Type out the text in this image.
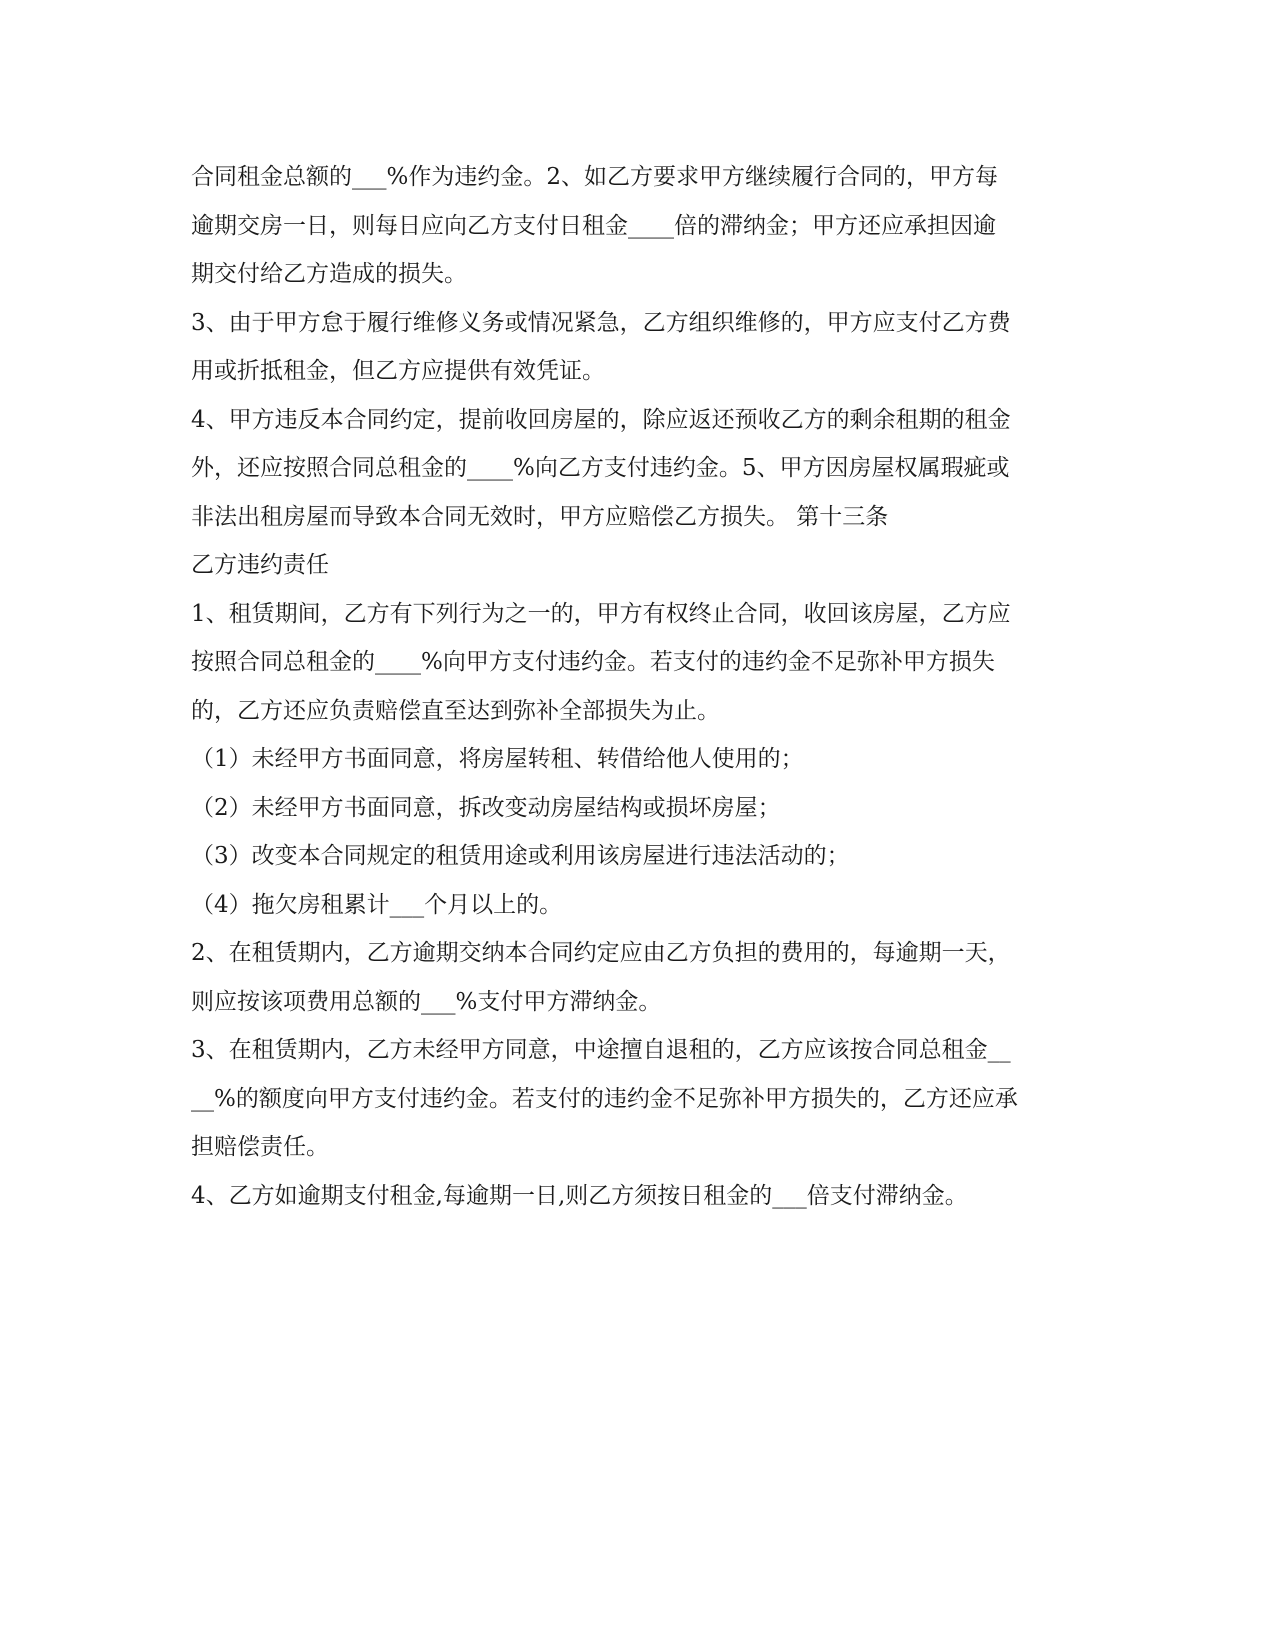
合同租金总额的___%作为违约金。2、如乙方要求甲方继续履行合同的，甲方每
逾期交房一日，则每日应向乙方支付日租金____倍的滞纳金；甲方还应承担因逾
期交付给乙方造成的损失。
3、由于甲方怠于履行维修义务或情况紧急，乙方组织维修的，甲方应支付乙方费
用或折抵租金，但乙方应提供有效凭证。
4、甲方违反本合同约定，提前收回房屋的，除应返还预收乙方的剩余租期的租金
外，还应按照合同总租金的____%向乙方支付违约金。5、甲方因房屋权属瑕疵或
非法出租房屋而导致本合同无效时，甲方应赔偿乙方损失。 第十三条
乙方违约责任
1、租赁期间，乙方有下列行为之一的，甲方有权终止合同，收回该房屋，乙方应
按照合同总租金的____%向甲方支付违约金。若支付的违约金不足弥补甲方损失
的，乙方还应负责赔偿直至达到弥补全部损失为止。
（1）未经甲方书面同意，将房屋转租、转借给他人使用的；
（2）未经甲方书面同意，拆改变动房屋结构或损坏房屋；
（3）改变本合同规定的租赁用途或利用该房屋进行违法活动的；
（4）拖欠房租累计___个月以上的。
2、在租赁期内，乙方逾期交纳本合同约定应由乙方负担的费用的，每逾期一天，
则应按该项费用总额的___%支付甲方滞纳金。
3、在租赁期内，乙方未经甲方同意，中途擅自退租的，乙方应该按合同总租金__
__%的额度向甲方支付违约金。若支付的违约金不足弥补甲方损失的，乙方还应承
担赔偿责任。
4、乙方如逾期支付租金,每逾期一日,则乙方须按日租金的___倍支付滞纳金。
